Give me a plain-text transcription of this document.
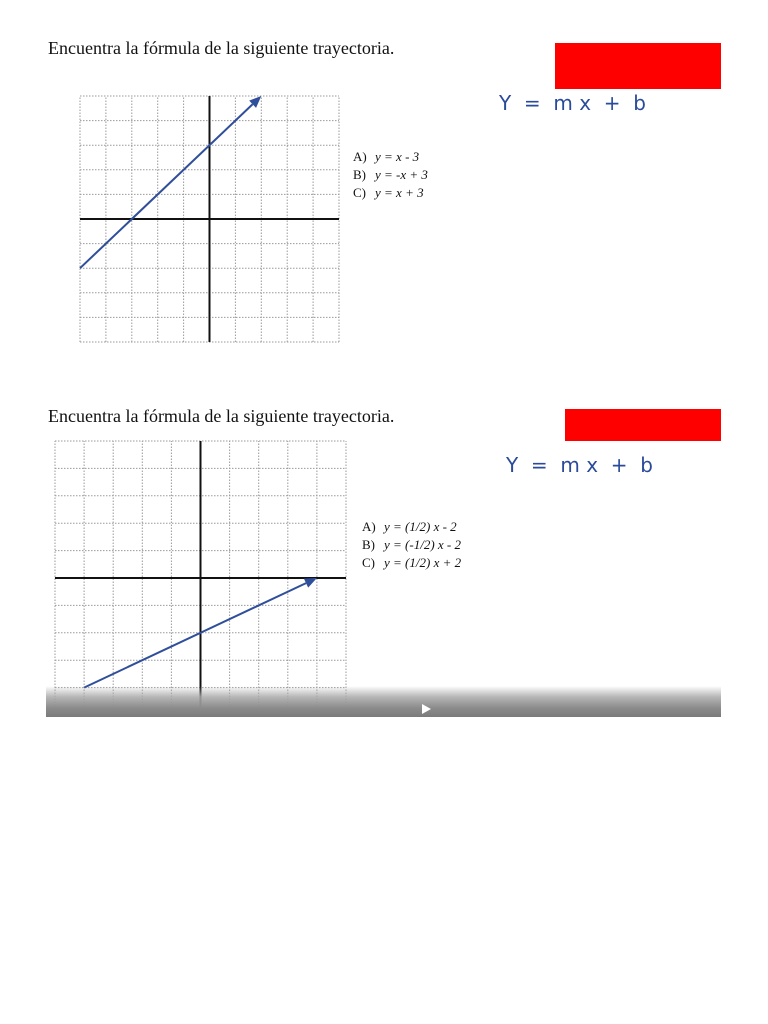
Encuentra la fórmula de la siguiente trayectoria.
Y  =  m x  +  b
A) y = x - 3
B) y = -x + 3
C) y = x + 3
Encuentra la fórmula de la siguiente trayectoria.
Y  =  m x  +  b
A) y = (1/2) x - 2
B) y = (-1/2) x - 2
C) y = (1/2) x + 2
